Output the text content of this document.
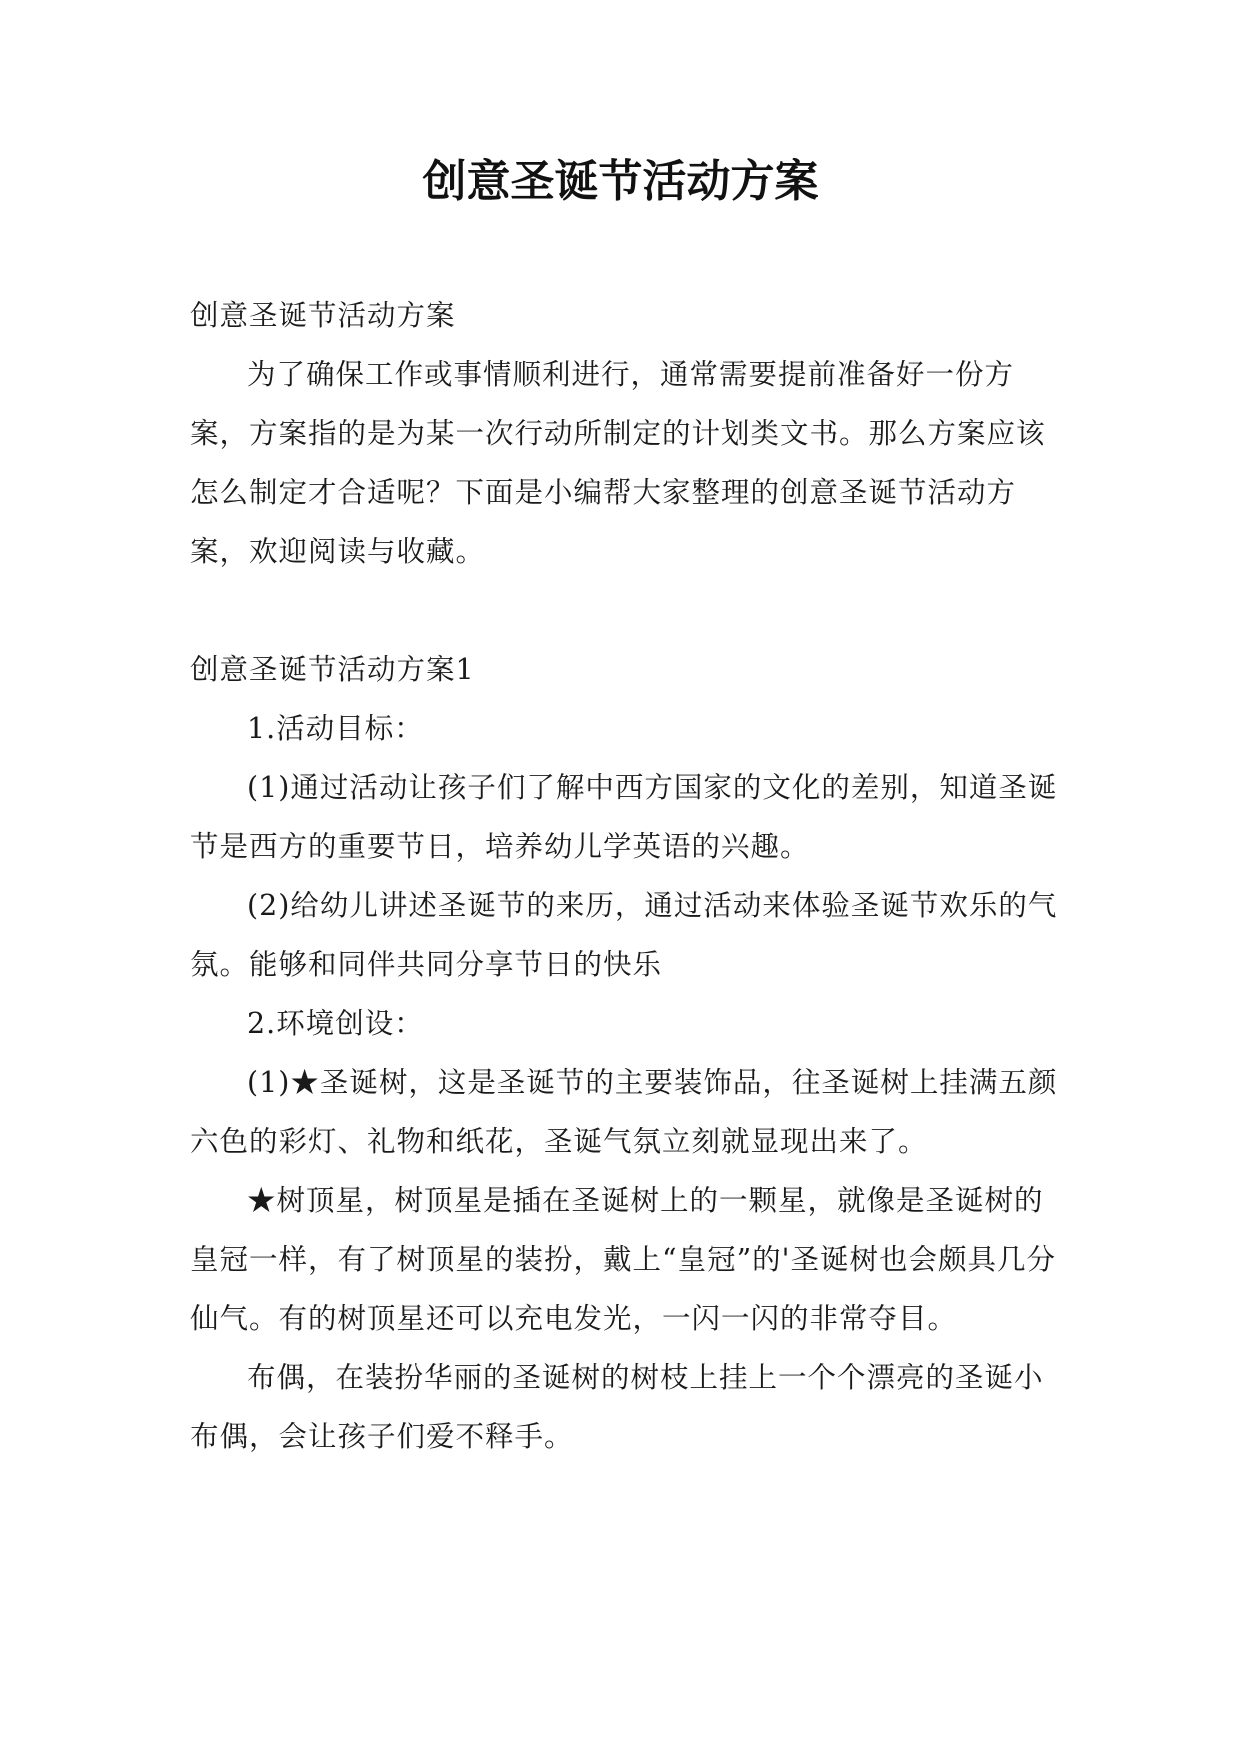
创意圣诞节活动方案

创意圣诞节活动方案

为了确保工作或事情顺利进行，通常需要提前准备好一份方案，方案指的是为某一次行动所制定的计划类文书。那么方案应该怎么制定才合适呢？下面是小编帮大家整理的创意圣诞节活动方案，欢迎阅读与收藏。

创意圣诞节活动方案1

1.活动目标：

(1)通过活动让孩子们了解中西方国家的文化的差别，知道圣诞节是西方的重要节日，培养幼儿学英语的兴趣。

(2)给幼儿讲述圣诞节的来历，通过活动来体验圣诞节欢乐的气氛。能够和同伴共同分享节日的快乐

2.环境创设：

(1)★圣诞树，这是圣诞节的主要装饰品，往圣诞树上挂满五颜六色的彩灯、礼物和纸花，圣诞气氛立刻就显现出来了。

★树顶星，树顶星是插在圣诞树上的一颗星，就像是圣诞树的皇冠一样，有了树顶星的装扮，戴上“皇冠”的'圣诞树也会颇具几分仙气。有的树顶星还可以充电发光，一闪一闪的非常夺目。

布偶，在装扮华丽的圣诞树的树枝上挂上一个个漂亮的圣诞小布偶，会让孩子们爱不释手。
